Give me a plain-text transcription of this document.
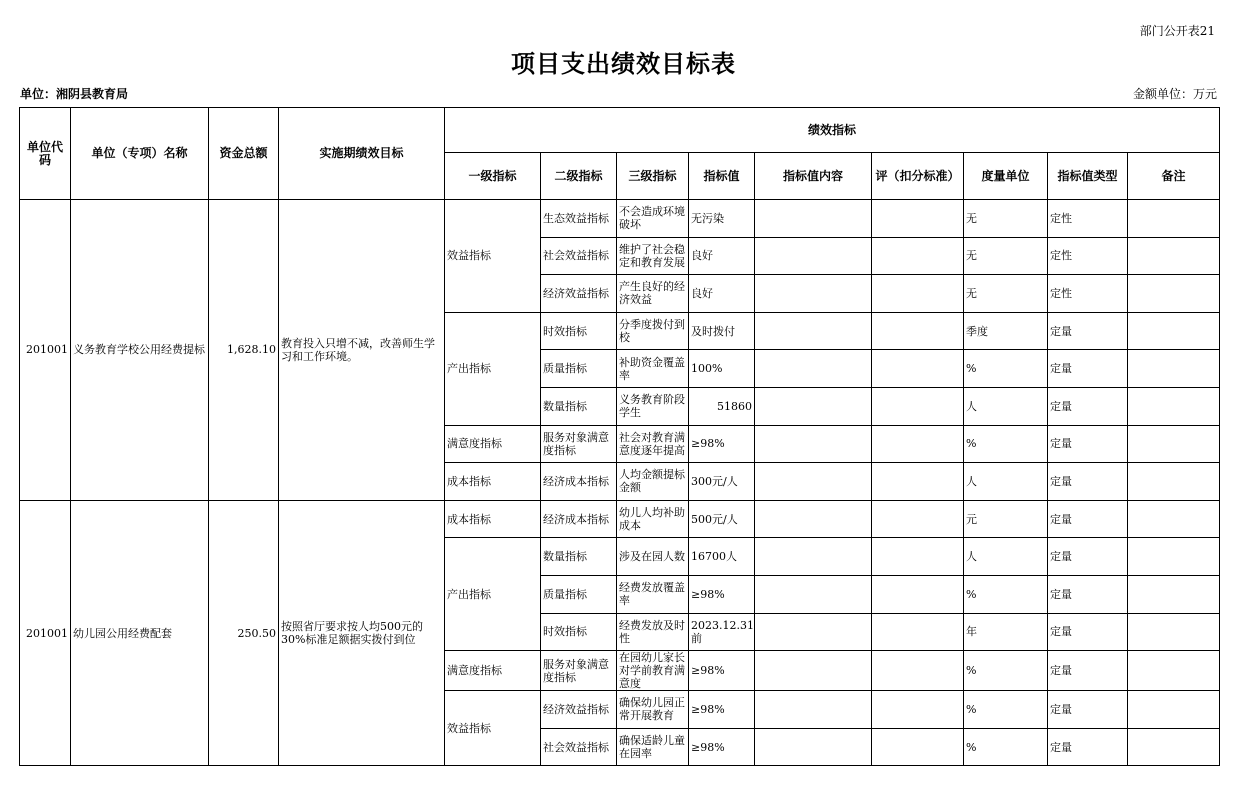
部门公开表21
项目支出绩效目标表
单位：湘阴县教育局	金额单位：万元
单位代码	单位（专项）名称	资金总额	实施期绩效目标	绩效指标								
				一级指标	二级指标	三级指标	指标值	指标值内容	评（扣分标准）	度量单位	指标值类型	备注
201001	义务教育学校公用经费提标	1,628.10	教育投入只增不减，改善师生学习和工作环境。	效益指标	生态效益指标	不会造成环境破坏	无污染			无	定性	
					社会效益指标	维护了社会稳定和教育发展	良好			无	定性	
					经济效益指标	产生良好的经济效益	良好			无	定性	
				产出指标	时效指标	分季度拨付到校	及时拨付			季度	定量	
					质量指标	补助资金覆盖率	100%			%	定量	
					数量指标	义务教育阶段学生	51860			人	定量	
				满意度指标	服务对象满意度指标	社会对教育满意度逐年提高	≥98%			%	定量	
				成本指标	经济成本指标	人均金额提标金额	300元/人			人	定量	
201001	幼儿园公用经费配套	250.50	按照省厅要求按人均500元的30%标准足额据实拨付到位	成本指标	经济成本指标	幼儿人均补助成本	500元/人			元	定量	
				产出指标	数量指标	涉及在园人数	16700人			人	定量	
					质量指标	经费发放覆盖率	≥98%			%	定量	
					时效指标	经费发放及时性	2023.12.31前			年	定量	
				满意度指标	服务对象满意度指标	在园幼儿家长对学前教育满意度	≥98%			%	定量	
				效益指标	经济效益指标	确保幼儿园正常开展教育	≥98%			%	定量	
					社会效益指标	确保适龄儿童在园率	≥98%			%	定量	
